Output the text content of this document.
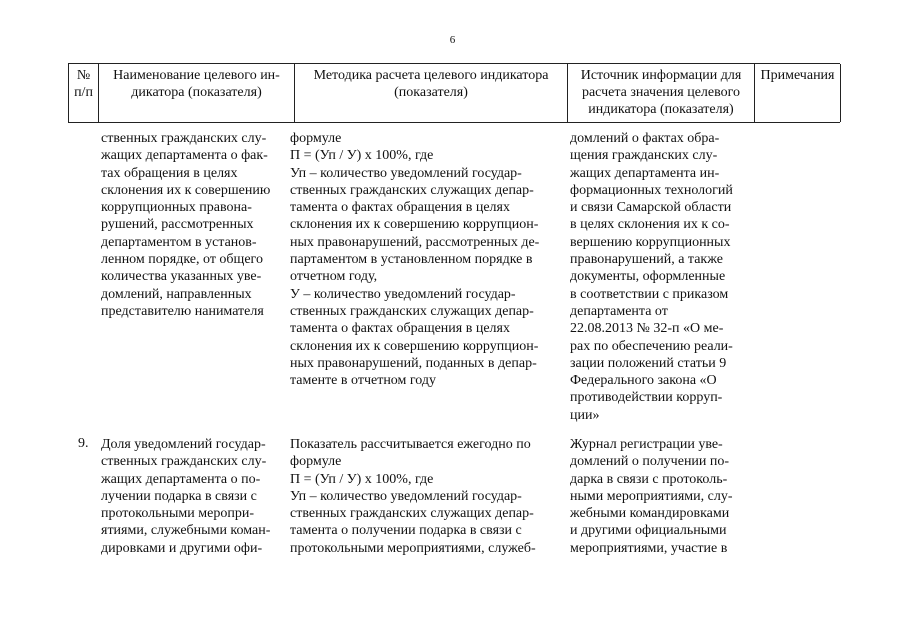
6
№
п/п
Наименование целевого ин-
дикатора (показателя)
Методика расчета целевого индикатора
(показателя)
Источник информации для
расчета значения целевого
индикатора (показателя)
Примечания
ственных гражданских слу-
жащих департамента о фак-
тах обращения в целях
склонения их к совершению
коррупционных правона-
рушений, рассмотренных
департаментом в установ-
ленном порядке, от общего
количества указанных уве-
домлений, направленных
представителю нанимателя
формуле
П = (Уп / У) х 100%, где
Уп – количество уведомлений государ-
ственных гражданских служащих депар-
тамента о фактах обращения в целях
склонения их к совершению коррупцион-
ных правонарушений, рассмотренных де-
партаментом в установленном порядке в
отчетном году,
У – количество уведомлений государ-
ственных гражданских служащих депар-
тамента о фактах обращения в целях
склонения их к совершению коррупцион-
ных правонарушений, поданных в депар-
таменте в отчетном году
домлений о фактах обра-
щения гражданских слу-
жащих департамента ин-
формационных технологий
и связи Самарской области
в целях склонения их к со-
вершению коррупционных
правонарушений, а также
документы, оформленные
в соответствии с приказом
департамента от
22.08.2013 № 32-п «О ме-
рах по обеспечению реали-
зации положений статьи 9
Федерального закона «О
противодействии корруп-
ции»
9. Доля уведомлений государ-
ственных гражданских слу-
жащих департамента о по-
лучении подарка в связи с
протокольными меропри-
ятиями, служебными коман-
дировками и другими офи-
Показатель рассчитывается ежегодно по
формуле
П = (Уп / У) х 100%, где
Уп – количество уведомлений государ-
ственных гражданских служащих депар-
тамента о получении подарка в связи с
протокольными мероприятиями, служеб-
Журнал регистрации уве-
домлений о получении по-
дарка в связи с протоколь-
ными мероприятиями, слу-
жебными командировками
и другими официальными
мероприятиями, участие в
